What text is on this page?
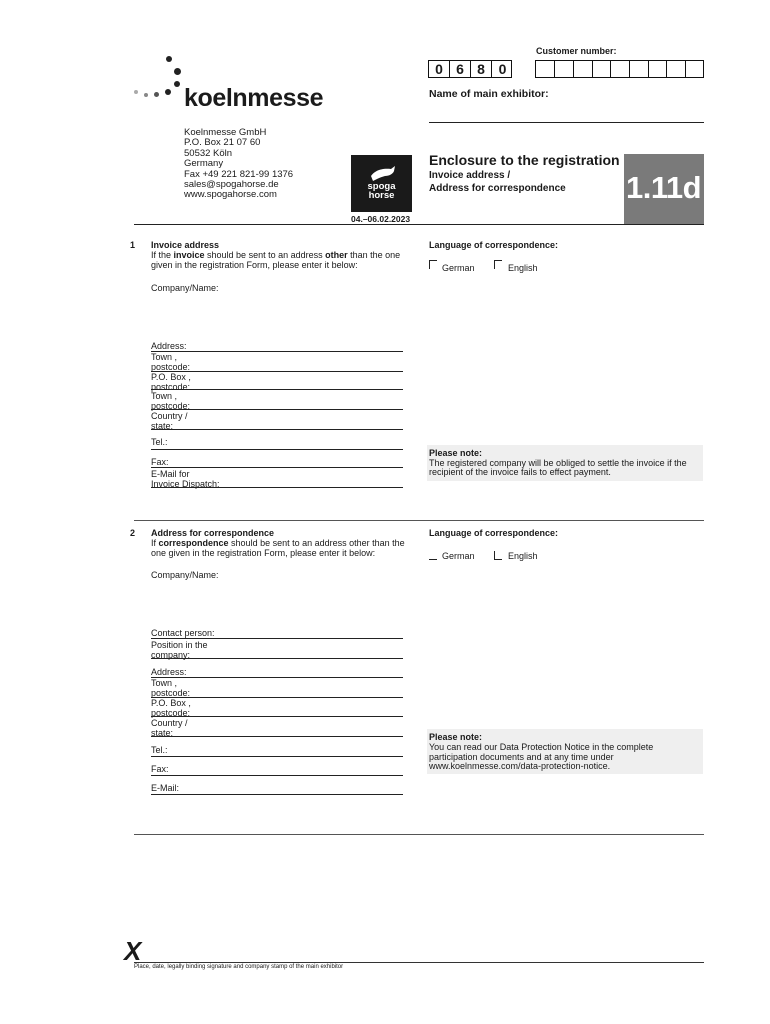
koelnmesse
Customer number:
0 6 8 0
Name of main exhibitor:
Koelnmesse GmbH
P.O. Box 21 07 60
50532 Köln
Germany
Fax +49 221 821-99 1376
sales@spogahorse.de
www.spogahorse.com
spoga
horse
04.–06.02.2023
Enclosure to the registration
Invoice address /
Address for correspondence 1.11d
1 Invoice address
If the invoice should be sent to an address other than the one
given in the registration Form, please enter it below:
Company/Name:
Address:
Town ,
postcode:
P.O. Box ,
postcode:
Town ,
postcode:
Country /
state:
Tel.:
Fax:
E-Mail for
Invoice Dispatch:
Language of correspondence:
German	English
Please note:
The registered company will be obliged to settle the invoice if the
recipient of the invoice fails to effect payment.
2 Address for correspondence
If correspondence should be sent to an address other than the
one given in the registration Form, please enter it below:
Company/Name:
Contact person:
Position in the
company:
Address:
Town ,
postcode:
P.O. Box ,
postcode:
Country /
state:
Tel.:
Fax:
E-Mail:
Language of correspondence:
German	English
Please note:
You can read our Data Protection Notice in the complete
participation documents and at any time under
www.koelnmesse.com/data-protection-notice.
X
Place, date, legally binding signature and company stamp of the main exhibitor
